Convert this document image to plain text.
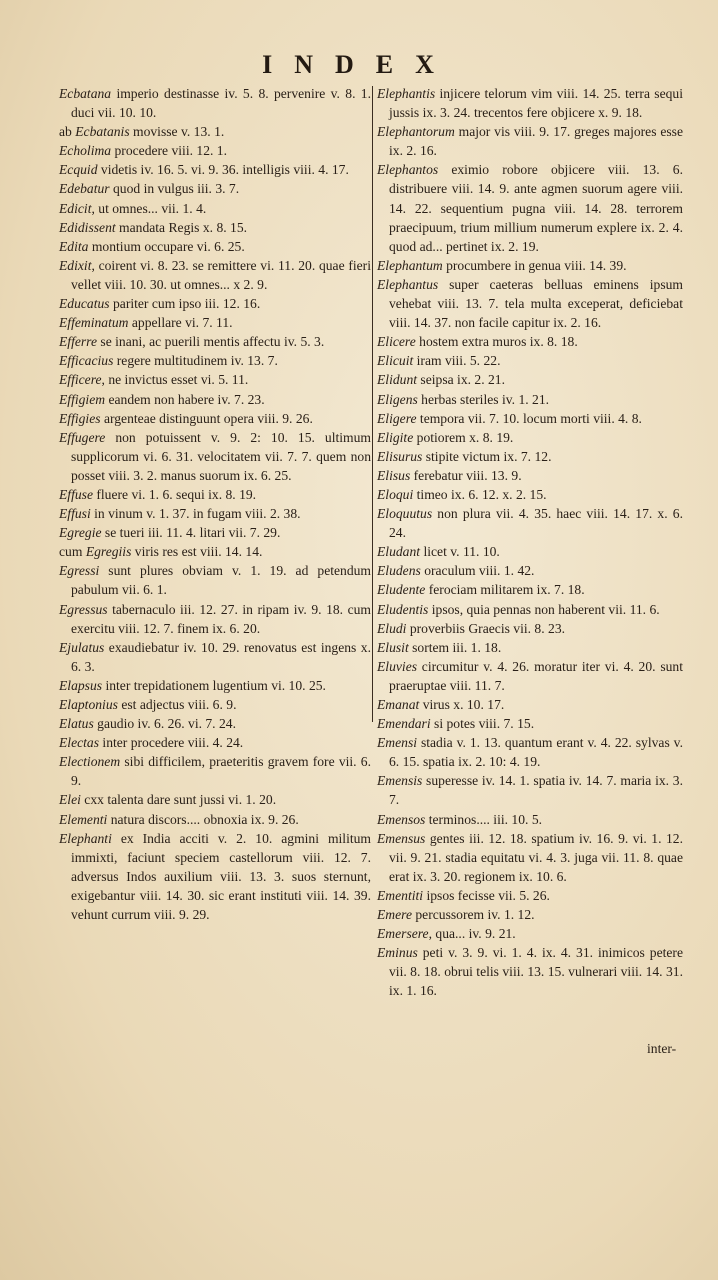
INDEX
Ecbatana imperio destinasse iv. 5. 8. pervenire v. 8. 1. duci vii. 10. 10.
ab Ecbatanis movisse v. 13. 1.
Echolima procedere viii. 12. 1.
Ecquid videtis iv. 16. 5. vi. 9. 36. intelligis viii. 4. 17.
Edebatur quod in vulgus iii. 3. 7.
Edicit, ut omnes... vii. 1. 4.
Edidissent mandata Regis x. 8. 15.
Edita montium occupare vi. 6. 25.
Edixit, coirent vi. 8. 23. se remittere vi. 11. 20. quae fieri vellet viii. 10. 30. ut omnes... x 2. 9.
Educatus pariter cum ipso iii. 12. 16.
Effeminatum appellare vi. 7. 11.
Efferre se inani, ac puerili mentis affectu iv. 5. 3.
Efficacius regere multitudinem iv. 13. 7.
Efficere, ne invictus esset vi. 5. 11.
Effigiem eandem non habere iv. 7. 23.
Effigies argenteae distinguunt opera viii. 9. 26.
Effugere non potuissent v. 9. 2: 10. 15. ultimum supplicorum vi. 6. 31. velocitatem vii. 7. 7. quem non posset viii. 3. 2. manus suorum ix. 6. 25.
Effuse fluere vi. 1. 6. sequi ix. 8. 19.
Effusi in vinum v. 1. 37. in fugam viii. 2. 38.
Egregie se tueri iii. 11. 4. litari vii. 7. 29.
cum Egregiis viris res est viii. 14. 14.
Egressi sunt plures obviam v. 1. 19. ad petendum pabulum vii. 6. 1.
Egressus tabernaculo iii. 12. 27. in ripam iv. 9. 18. cum exercitu viii. 12. 7. finem ix. 6. 20.
Ejulatus exaudiebatur iv. 10. 29. renovatus est ingens x. 6. 3.
Elapsus inter trepidationem lugentium vi. 10. 25.
Elaptonius est adjectus viii. 6. 9.
Elatus gaudio iv. 6. 26. vi. 7. 24.
Electas inter procedere viii. 4. 24.
Electionem sibi difficilem, praeteritis gravem fore vii. 6. 9.
Elei cxx talenta dare sunt jussi vi. 1. 20.
Elementi natura discors.... obnoxia ix. 9. 26.
Elephanti ex India acciti v. 2. 10. agmini militum immixti, faciunt speciem castellorum viii. 12. 7. adversus Indos auxilium viii. 13. 3. suos sternunt, exigebantur viii. 14. 30. sic erant instituti viii. 14. 39. vehunt currum viii. 9. 29.
Elephantis injicere telorum vim viii. 14. 25. terra sequi jussis ix. 3. 24. trecentos fere objicere x. 9. 18.
Elephantorum major vis viii. 9. 17. greges majores esse ix. 2. 16.
Elephantos eximio robore objicere viii. 13. 6. distribuere viii. 14. 9. ante agmen suorum agere viii. 14. 22. sequentium pugna viii. 14. 28. terrorem praecipuum, trium millium numerum explere ix. 2. 4. quod ad... pertinet ix. 2. 19.
Elephantum procumbere in genua viii. 14. 39.
Elephantus super caeteras belluas eminens ipsum vehebat viii. 13. 7. tela multa exceperat, deficiebat viii. 14. 37. non facile capitur ix. 2. 16.
Elicere hostem extra muros ix. 8. 18.
Elicuit iram viii. 5. 22.
Elidunt seipsa ix. 2. 21.
Eligens herbas steriles iv. 1. 21.
Eligere tempora vii. 7. 10. locum morti viii. 4. 8.
Eligite potiorem x. 8. 19.
Elisurus stipite victum ix. 7. 12.
Elisus ferebatur viii. 13. 9.
Eloqui timeo ix. 6. 12. x. 2. 15.
Eloquutus non plura vii. 4. 35. haec viii. 14. 17. x. 6. 24.
Eludant licet v. 11. 10.
Eludens oraculum viii. 1. 42.
Eludente ferociam militarem ix. 7. 18.
Eludentis ipsos, quia pennas non haberent vii. 11. 6.
Eludi proverbiis Graecis vii. 8. 23.
Elusit sortem iii. 1. 18.
Eluvies circumitur v. 4. 26. moratur iter vi. 4. 20. sunt praeruptae viii. 11. 7.
Emanat virus x. 10. 17.
Emendari si potes viii. 7. 15.
Emensi stadia v. 1. 13. quantum erant v. 4. 22. sylvas v. 6. 15. spatia ix. 2. 10: 4. 19.
Emensis superesse iv. 14. 1. spatia iv. 14. 7. maria ix. 3. 7.
Emensos terminos.... iii. 10. 5.
Emensus gentes iii. 12. 18. spatium iv. 16. 9. vi. 1. 12. vii. 9. 21. stadia equitatu vi. 4. 3. juga vii. 11. 8. quae erat ix. 3. 20. regionem ix. 10. 6.
Ementiti ipsos fecisse vii. 5. 26.
Emere percussorem iv. 1. 12.
Emersere, qua... iv. 9. 21.
Eminus peti v. 3. 9. vi. 1. 4. ix. 4. 31. inimicos petere vii. 8. 18. obrui telis viii. 13. 15. vulnerari viii. 14. 31. ix. 1. 16.
inter-
